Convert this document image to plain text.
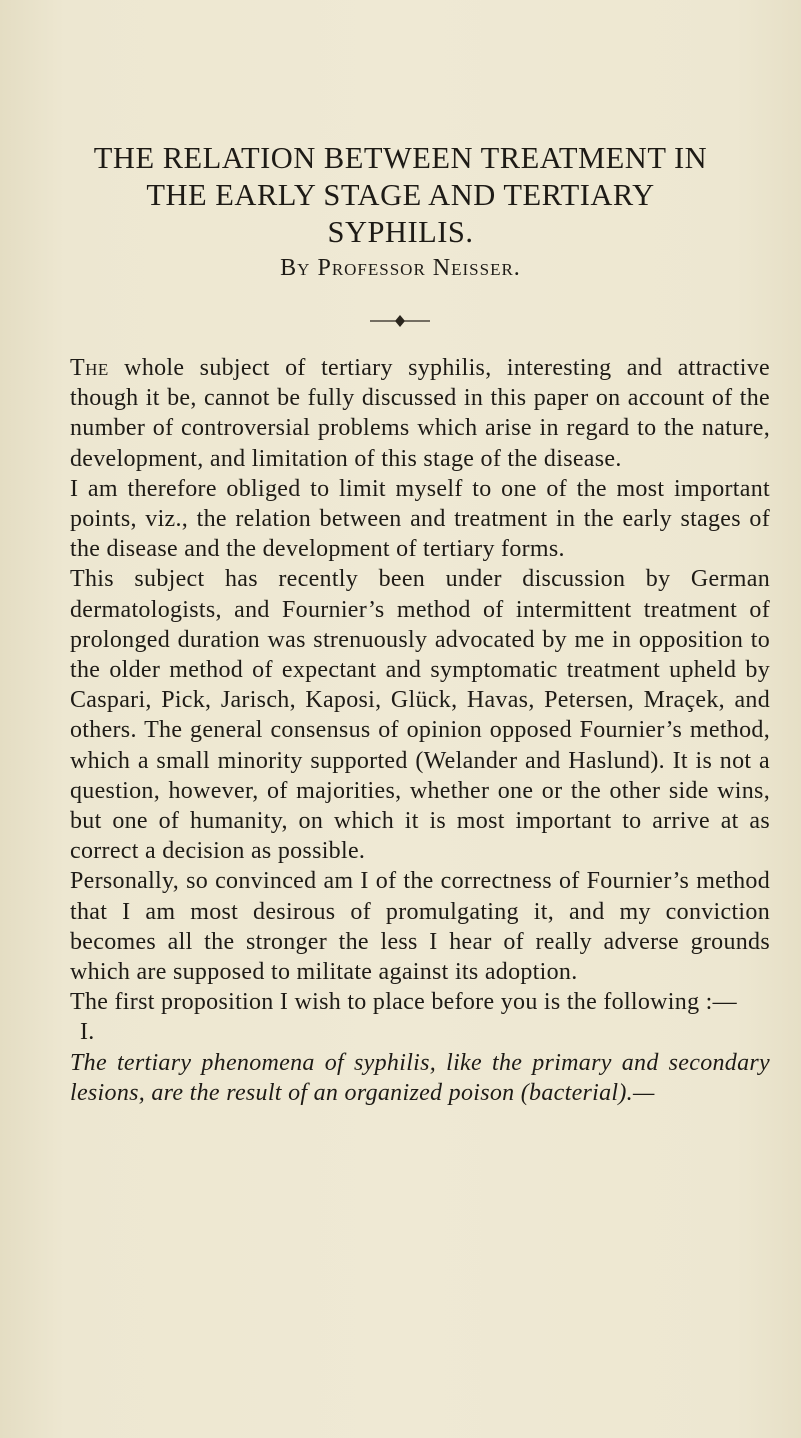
THE RELATION BETWEEN TREATMENT IN
THE EARLY STAGE AND TERTIARY
SYPHILIS.
By Professor Neisser.

The whole subject of tertiary syphilis, interesting and attractive though it be, cannot be fully discussed in this paper on account of the number of controversial problems which arise in regard to the nature, development, and limitation of this stage of the disease.

I am therefore obliged to limit myself to one of the most important points, viz., the relation between and treatment in the early stages of the disease and the development of tertiary forms.

This subject has recently been under discussion by German dermatologists, and Fournier’s method of intermittent treatment of prolonged duration was strenuously advocated by me in opposition to the older method of expectant and symptomatic treatment upheld by Caspari, Pick, Jarisch, Kaposi, Glück, Havas, Petersen, Mraçek, and others. The general consensus of opinion opposed Fournier’s method, which a small minority supported (Welander and Haslund). It is not a question, however, of majorities, whether one or the other side wins, but one of humanity, on which it is most important to arrive at as correct a decision as possible.

Personally, so convinced am I of the correctness of Fournier’s method that I am most desirous of promulgating it, and my conviction becomes all the stronger the less I hear of really adverse grounds which are supposed to militate against its adoption.

The first proposition I wish to place before you is the following :—

I.

The tertiary phenomena of syphilis, like the primary and secondary lesions, are the result of an organized poison (bacterial).—
